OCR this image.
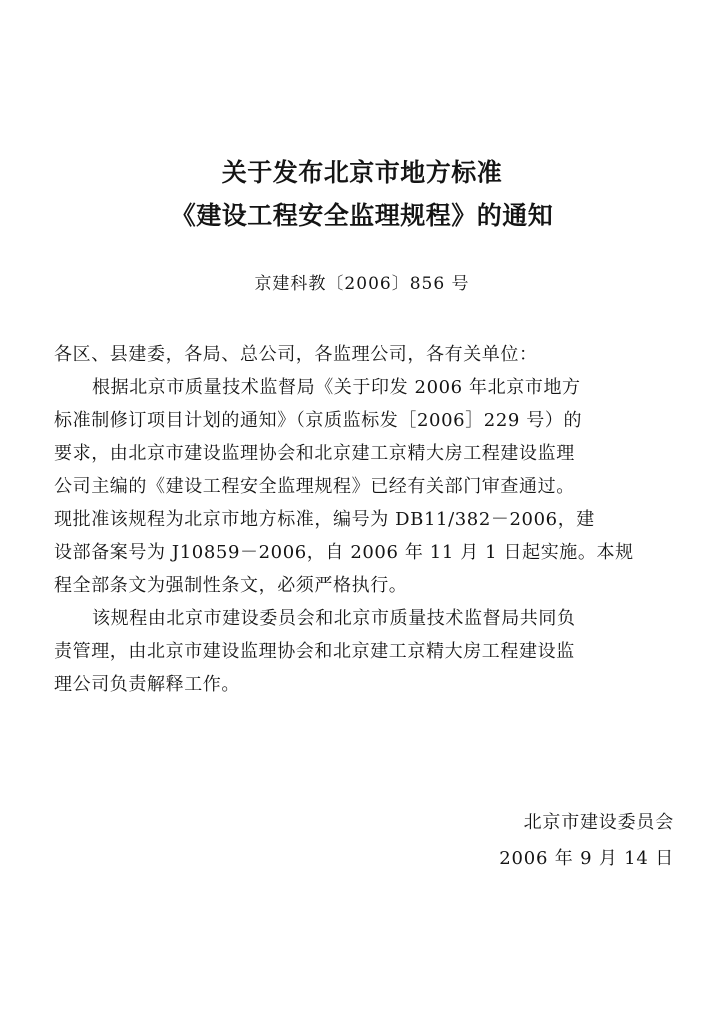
关于发布北京市地方标准
《建设工程安全监理规程》的通知
京建科教〔2006〕856 号
各区、县建委，各局、总公司，各监理公司，各有关单位：
根据北京市质量技术监督局《关于印发 2006 年北京市地方
标准制修订项目计划的通知》（京质监标发［2006］229 号）的
要求，由北京市建设监理协会和北京建工京精大房工程建设监理
公司主编的《建设工程安全监理规程》已经有关部门审查通过。
现批准该规程为北京市地方标准，编号为 DB11/382－2006，建
设部备案号为 J10859－2006，自 2006 年 11 月 1 日起实施。本规
程全部条文为强制性条文，必须严格执行。
该规程由北京市建设委员会和北京市质量技术监督局共同负
责管理，由北京市建设监理协会和北京建工京精大房工程建设监
理公司负责解释工作。
北京市建设委员会
2006 年 9 月 14 日
